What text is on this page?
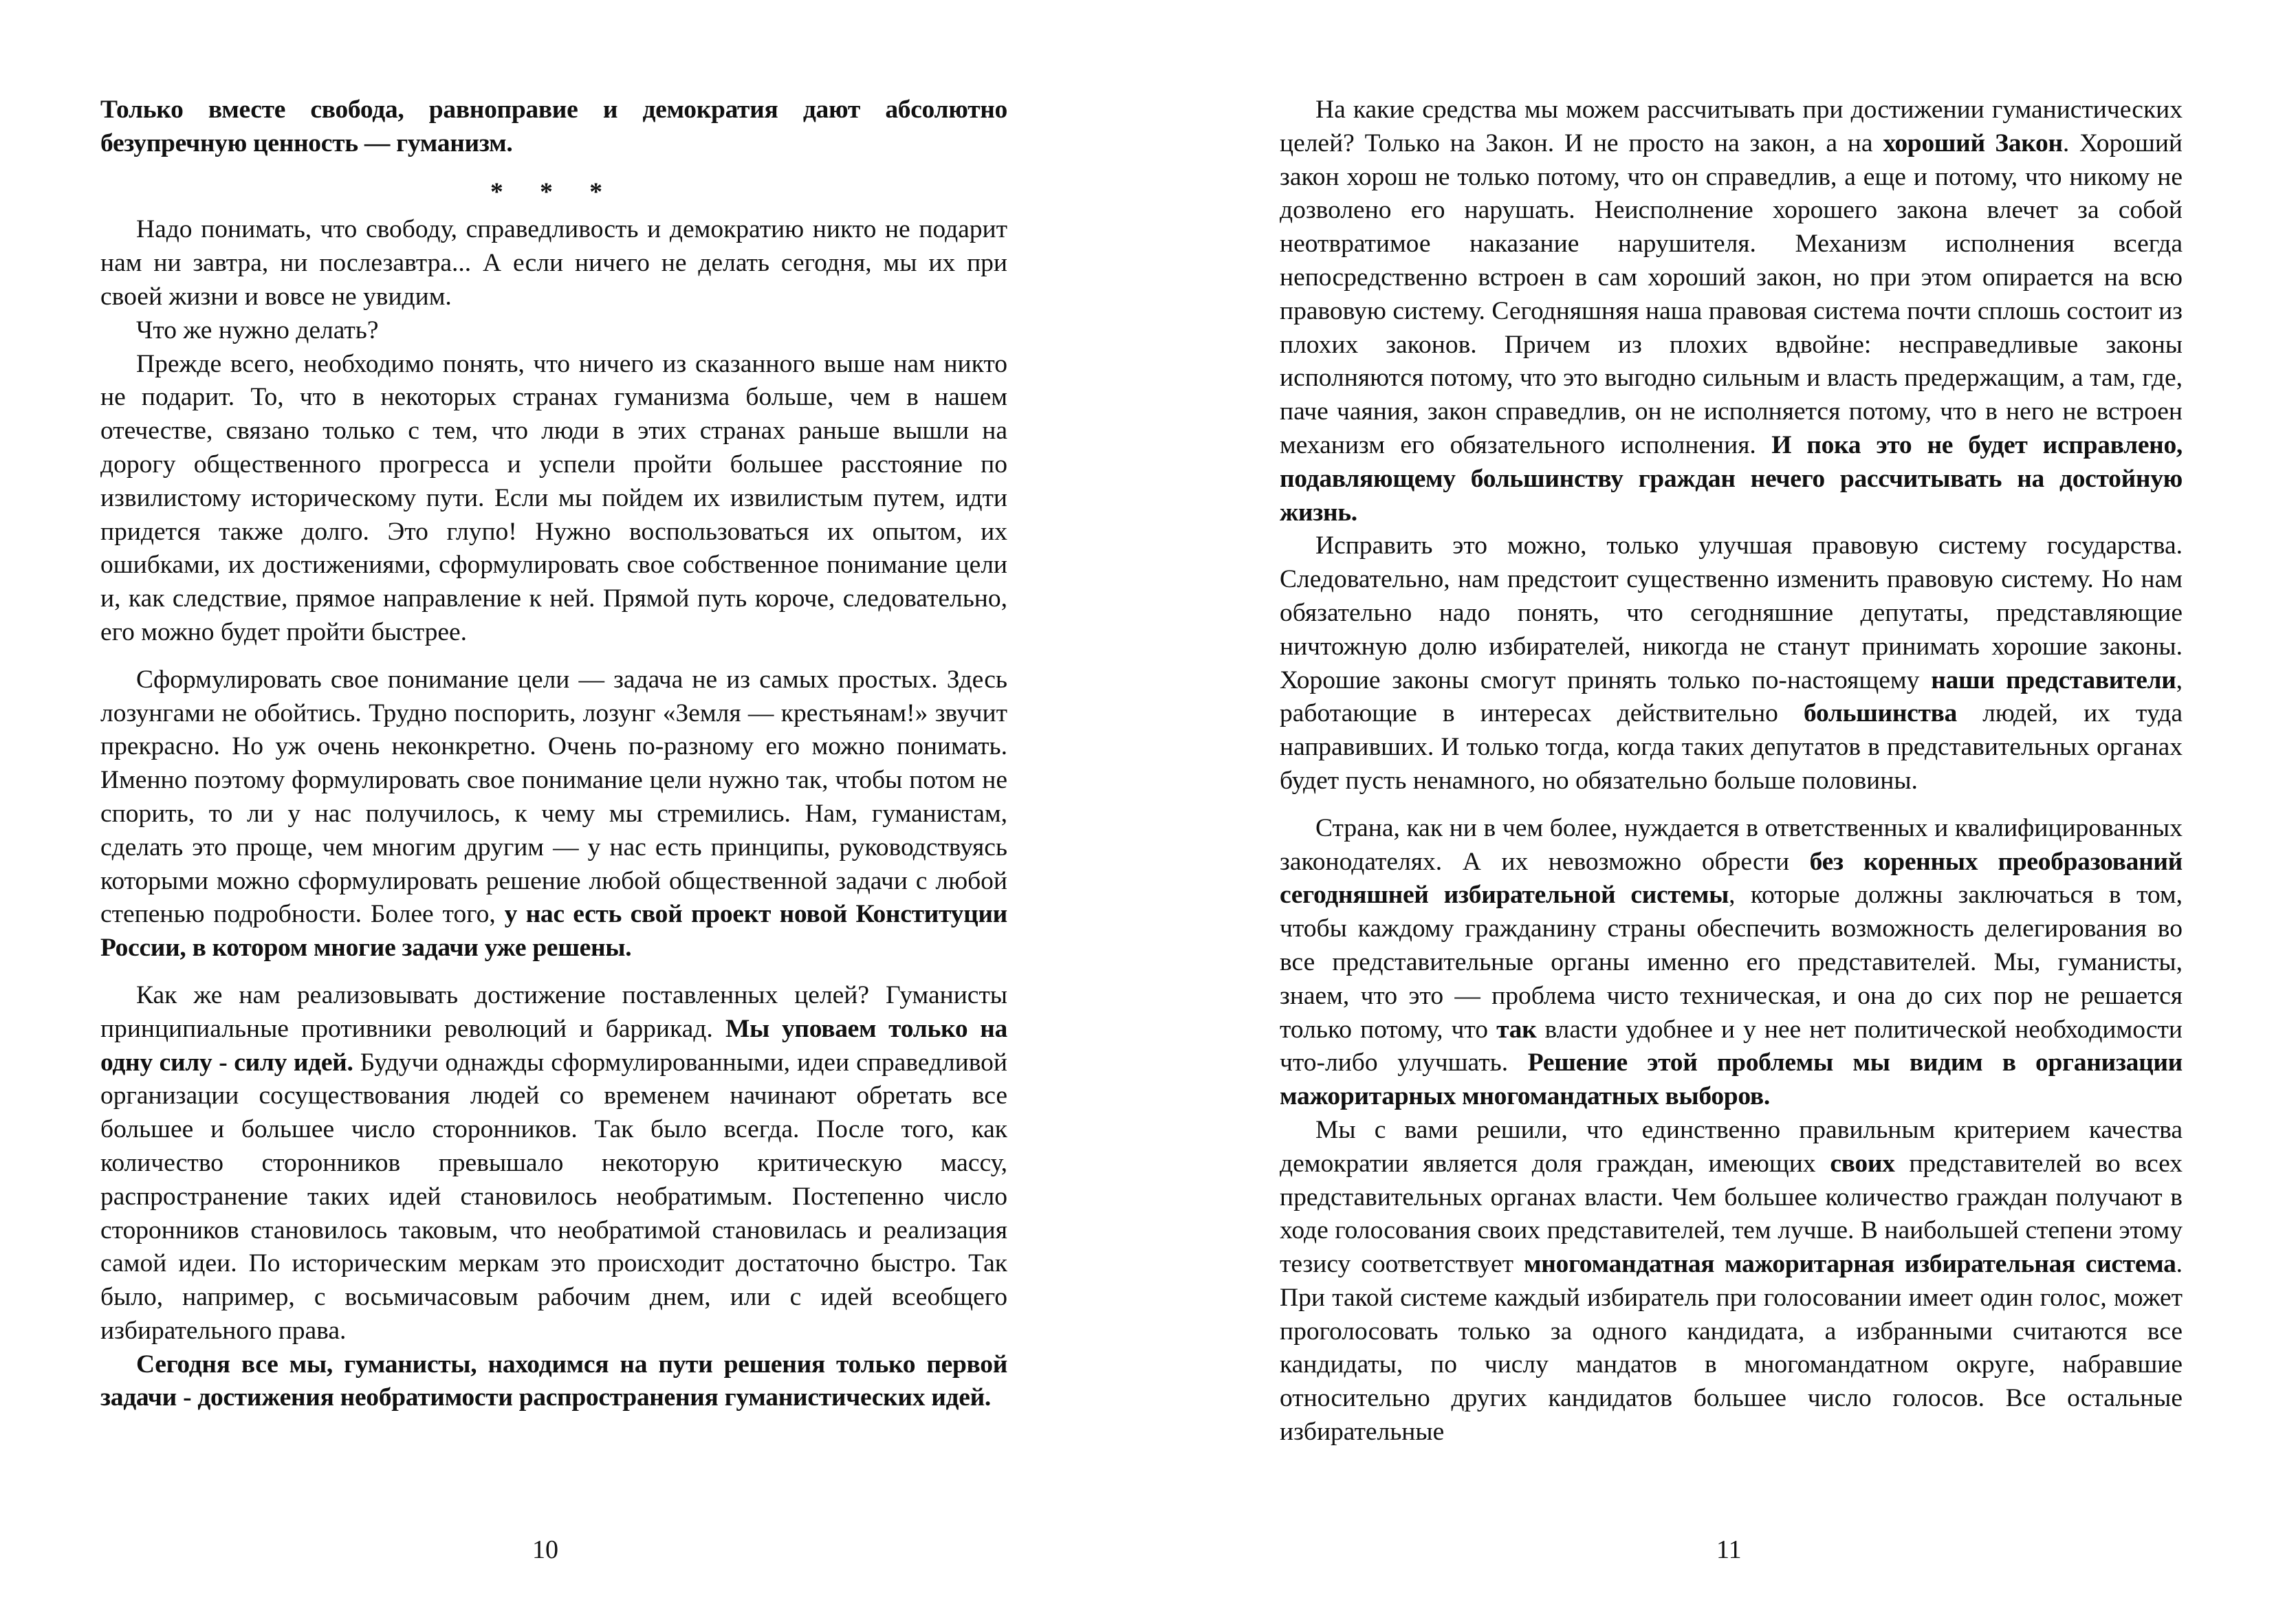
Только вместе свобода, равноправие и демократия дают абсолютно безупречную ценность — гуманизм.

* * *

Надо понимать, что свободу, справедливость и демократию никто не подарит нам ни завтра, ни послезавтра... А если ничего не делать сегодня, мы их при своей жизни и вовсе не увидим.

Что же нужно делать?

Прежде всего, необходимо понять, что ничего из сказанного выше нам никто не подарит. То, что в некоторых странах гуманизма больше, чем в нашем отечестве, связано только с тем, что люди в этих странах раньше вышли на дорогу общественного прогресса и успели пройти большее расстояние по извилистому историческому пути. Если мы пойдем их извилистым путем, идти придется также долго. Это глупо! Нужно воспользоваться их опытом, их ошибками, их достижениями, сформулировать свое собственное понимание цели и, как следствие, прямое направление к ней. Прямой путь короче, следовательно, его можно будет пройти быстрее.

Сформулировать свое понимание цели — задача не из самых простых. Здесь лозунгами не обойтись. Трудно поспорить, лозунг «Земля — крестьянам!» звучит прекрасно. Но уж очень неконкретно. Очень по-разному его можно понимать. Именно поэтому формулировать свое понимание цели нужно так, чтобы потом не спорить, то ли у нас получилось, к чему мы стремились. Нам, гуманистам, сделать это проще, чем многим другим — у нас есть принципы, руководствуясь которыми можно сформулировать решение любой общественной задачи с любой степенью подробности. Более того, у нас есть свой проект новой Конституции России, в котором многие задачи уже решены.

Как же нам реализовывать достижение поставленных целей? Гуманисты принципиальные противники революций и баррикад. Мы уповаем только на одну силу - силу идей. Будучи однажды сформулированными, идеи справедливой организации сосуществования людей со временем начинают обретать все большее и большее число сторонников. Так было всегда. После того, как количество сторонников превышало некоторую критическую массу, распространение таких идей становилось необратимым. Постепенно число сторонников становилось таковым, что необратимой становилась и реализация самой идеи. По историческим меркам это происходит достаточно быстро. Так было, например, с восьмичасовым рабочим днем, или с идей всеобщего избирательного права.

Сегодня все мы, гуманисты, находимся на пути решения только первой задачи - достижения необратимости распространения гуманистических идей.

10

На какие средства мы можем рассчитывать при достижении гуманистических целей? Только на Закон. И не просто на закон, а на хороший Закон. Хороший закон хорош не только потому, что он справедлив, а еще и потому, что никому не дозволено его нарушать. Неисполнение хорошего закона влечет за собой неотвратимое наказание нарушителя. Механизм исполнения всегда непосредственно встроен в сам хороший закон, но при этом опирается на всю правовую систему. Сегодняшняя наша правовая система почти сплошь состоит из плохих законов. Причем из плохих вдвойне: несправедливые законы исполняются потому, что это выгодно сильным и власть предержащим, а там, где, паче чаяния, закон справедлив, он не исполняется потому, что в него не встроен механизм его обязательного исполнения. И пока это не будет исправлено, подавляющему большинству граждан нечего рассчитывать на достойную жизнь.

Исправить это можно, только улучшая правовую систему государства. Следовательно, нам предстоит существенно изменить правовую систему. Но нам обязательно надо понять, что сегодняшние депутаты, представляющие ничтожную долю избирателей, никогда не станут принимать хорошие законы. Хорошие законы смогут принять только по-настоящему наши представители, работающие в интересах действительно большинства людей, их туда направивших. И только тогда, когда таких депутатов в представительных органах будет пусть ненамного, но обязательно больше половины.

Страна, как ни в чем более, нуждается в ответственных и квалифицированных законодателях. А их невозможно обрести без коренных преобразований сегодняшней избирательной системы, которые должны заключаться в том, чтобы каждому гражданину страны обеспечить возможность делегирования во все представительные органы именно его представителей. Мы, гуманисты, знаем, что это — проблема чисто техническая, и она до сих пор не решается только потому, что так власти удобнее и у нее нет политической необходимости что-либо улучшать. Решение этой проблемы мы видим в организации мажоритарных многомандатных выборов.

Мы с вами решили, что единственно правильным критерием качества демократии является доля граждан, имеющих своих представителей во всех представительных органах власти. Чем большее количество граждан получают в ходе голосования своих представителей, тем лучше. В наибольшей степени этому тезису соответствует многомандатная мажоритарная избирательная система. При такой системе каждый избиратель при голосовании имеет один голос, может проголосовать только за одного кандидата, а избранными считаются все кандидаты, по числу мандатов в многомандатном округе, набравшие относительно других кандидатов большее число голосов. Все остальные избирательные

11
